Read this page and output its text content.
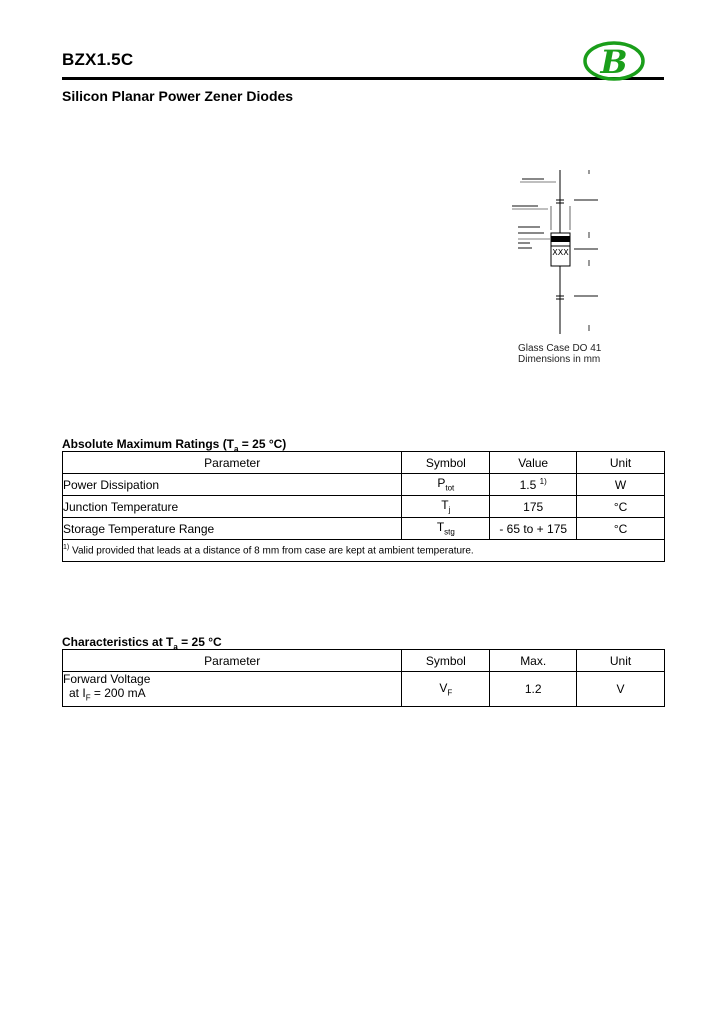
BZX1.5C	B
Silicon Planar Power Zener Diodes
XXX
Glass Case DO 41
Dimensions in mm
Absolute Maximum Ratings ($T_a = 25$ °C)
Parameter	Symbol	Value	Unit
Power Dissipation	$P_{tot}$	1.5 $^{1)}$	W
Junction Temperature	$T_j$	175	°C
Storage Temperature Range	$T_{stg}$	- 65 to + 175	°C
$^{1)}$ Valid provided that leads at a distance of 8 mm from case are kept at ambient temperature.			
Characteristics at $T_a = 25$ °C
Parameter	Symbol	Max.	Unit

Forward Voltage
at $I_F = 200$ mA	$V_F$	1.2	V
